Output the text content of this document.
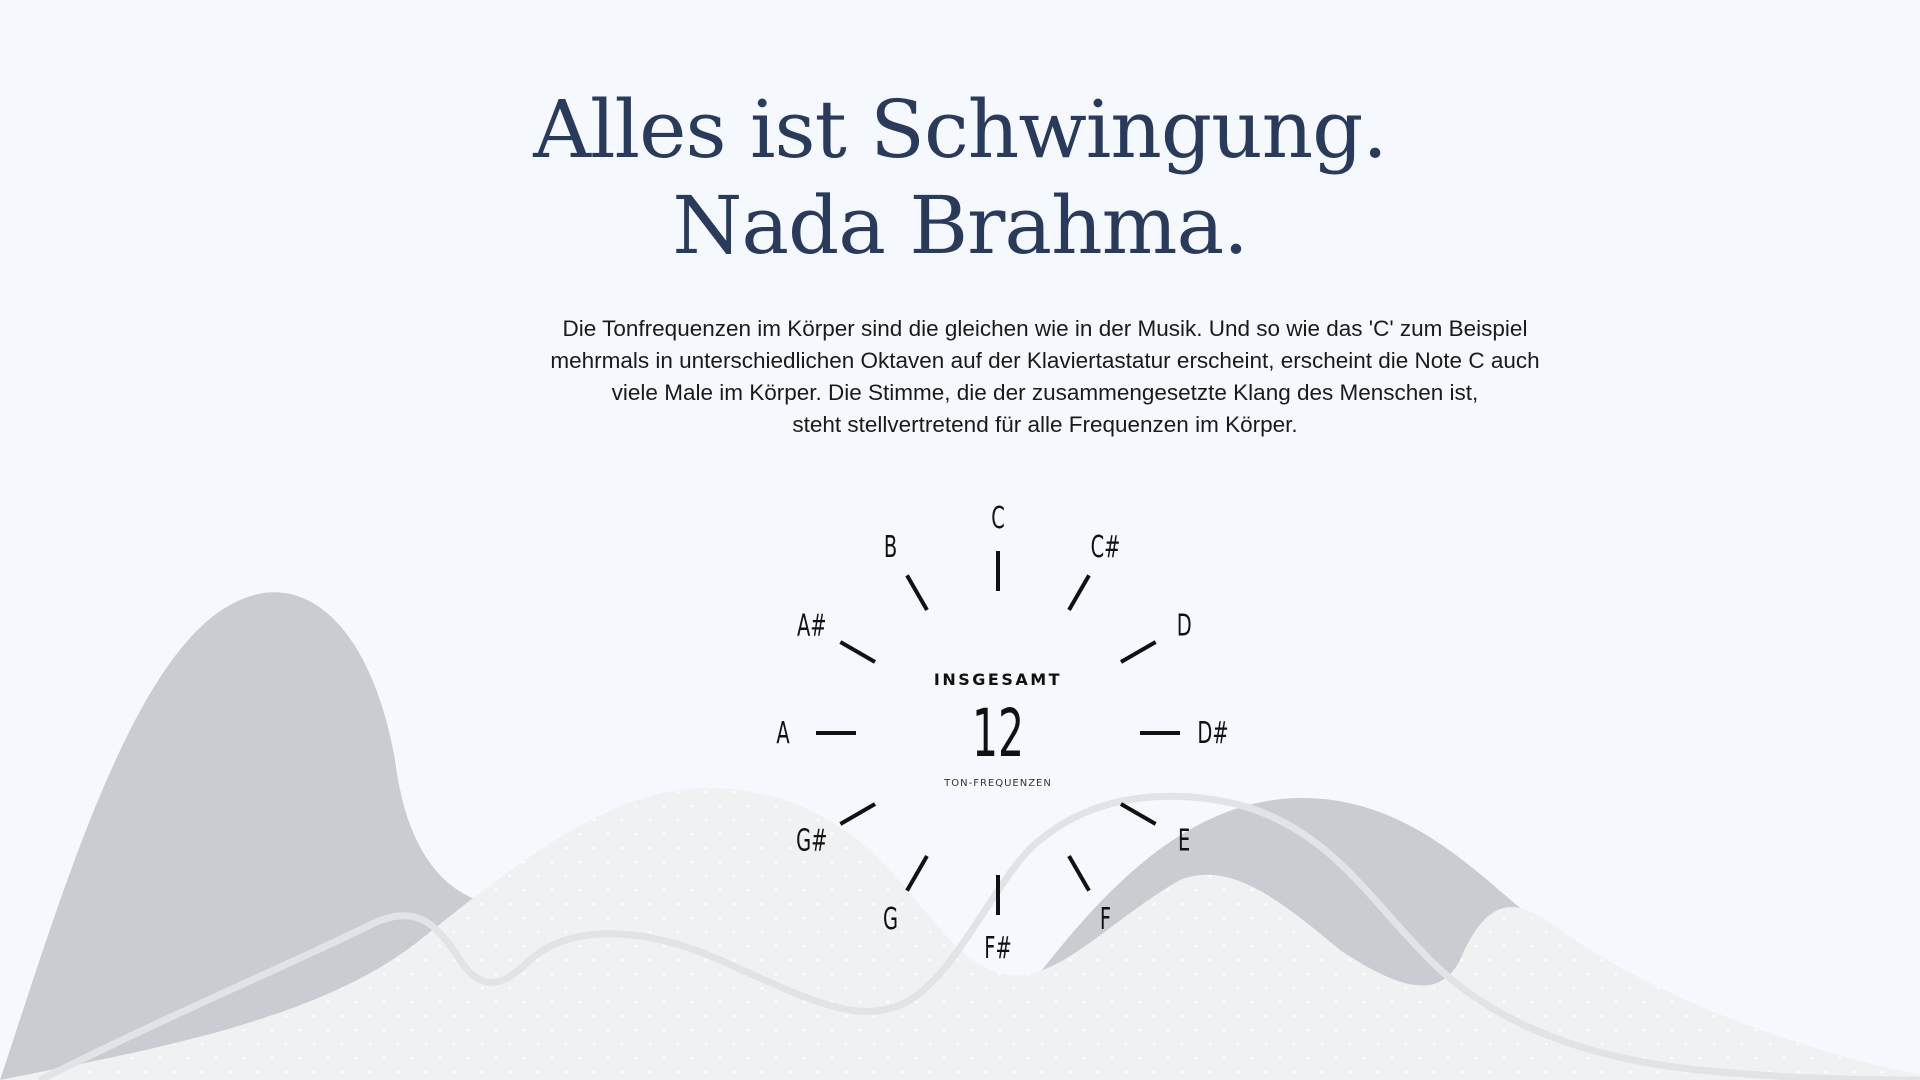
Alles ist Schwingung.
Nada Brahma.
Die Tonfrequenzen im Körper sind die gleichen wie in der Musik. Und so wie das 'C' zum Beispiel
mehrmals in unterschiedlichen Oktaven auf der Klaviertastatur erscheint, erscheint die Note C auch
viele Male im Körper. Die Stimme, die der zusammengesetzte Klang des Menschen ist,
steht stellvertretend für alle Frequenzen im Körper.
C
C#
D
D#
E
F
F#
G
G#
A
A#
B
INSGESAMT
12
TON-FREQUENZEN
